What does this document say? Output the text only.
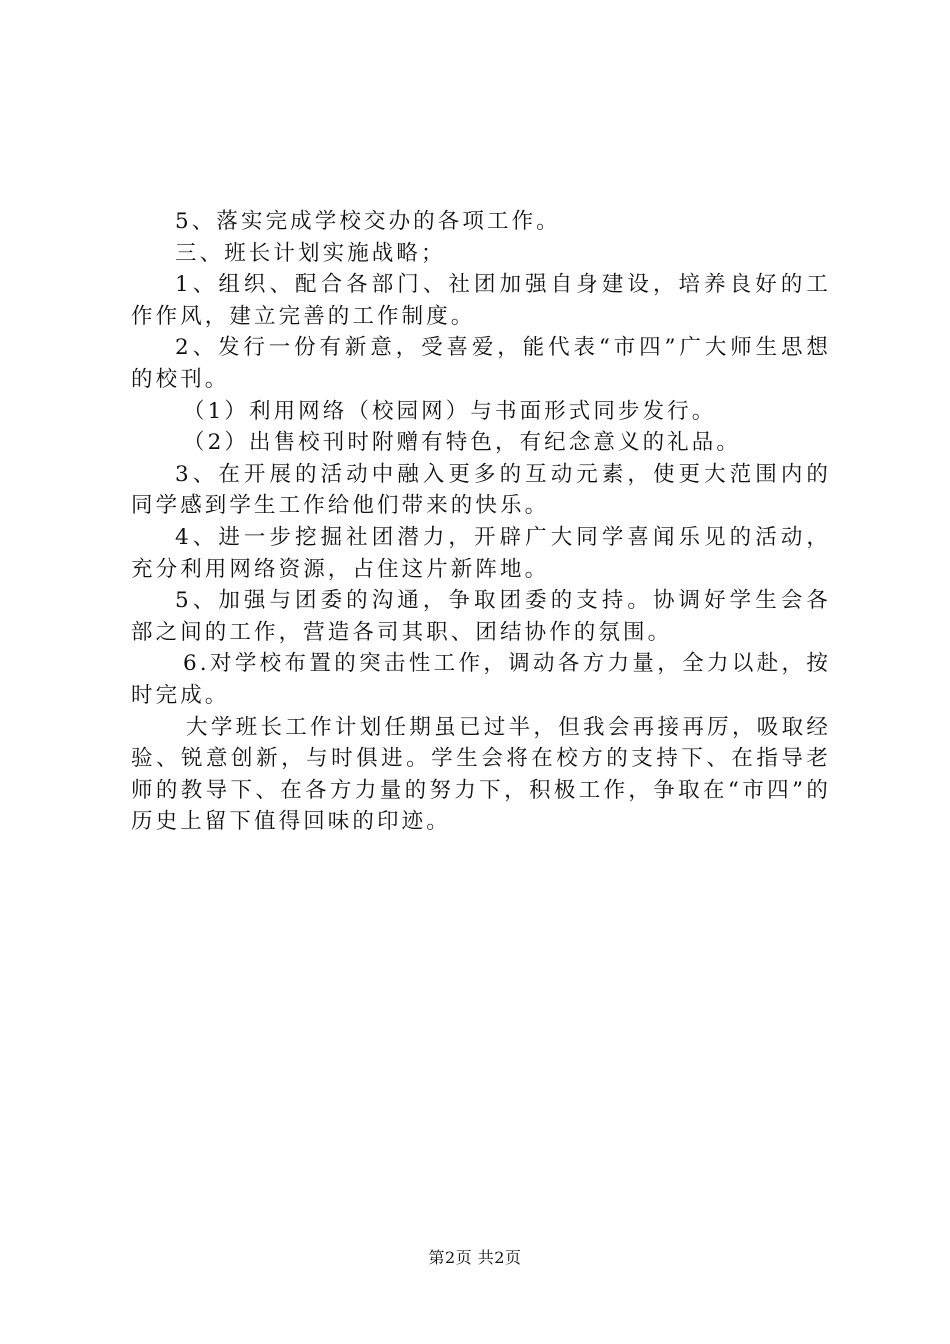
5、落实完成学校交办的各项工作。

三、班长计划实施战略；

1、组织、配合各部门、社团加强自身建设，培养良好的工作作风，建立完善的工作制度。

2、发行一份有新意，受喜爱，能代表“市四”广大师生思想的校刊。

（1）利用网络（校园网）与书面形式同步发行。

（2）出售校刊时附赠有特色，有纪念意义的礼品。

3、在开展的活动中融入更多的互动元素，使更大范围内的同学感到学生工作给他们带来的快乐。

4、进一步挖掘社团潜力，开辟广大同学喜闻乐见的活动，充分利用网络资源，占住这片新阵地。

5、加强与团委的沟通，争取团委的支持。协调好学生会各部之间的工作，营造各司其职、团结协作的氛围。

6.对学校布置的突击性工作，调动各方力量，全力以赴，按时完成。

大学班长工作计划任期虽已过半，但我会再接再厉，吸取经验、锐意创新，与时俱进。学生会将在校方的支持下、在指导老师的教导下、在各方力量的努力下，积极工作，争取在“市四”的历史上留下值得回味的印迹。

第2页 共2页
